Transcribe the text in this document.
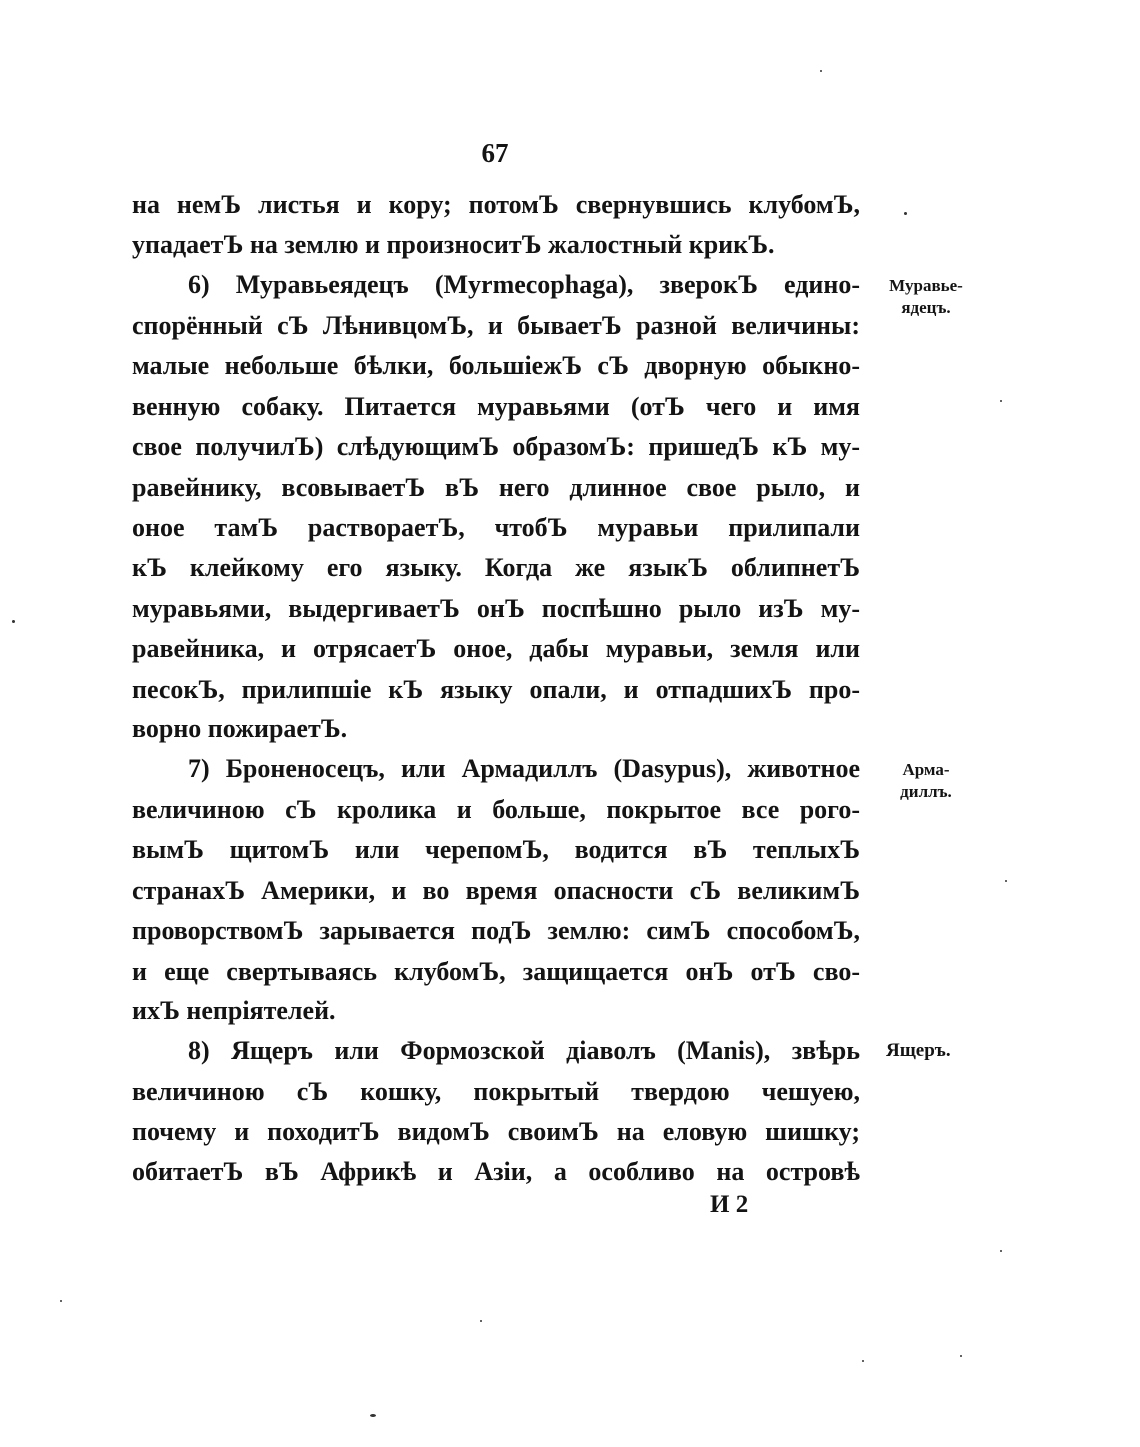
67
на немЪ листья и кору; потомЪ свернувшись клубомЪ,
упадаетЪ на землю и произноситЪ жалостный крикЪ.
6) Муравьеядецъ (Myrmecophaga), зверокЪ едино-
спорённый сЪ ЛѣнивцомЪ, и бываетЪ разной величины:
малые небольше бѣлки, большіежЪ сЪ дворную обыкно-
венную собаку. Питается муравьями (отЪ чего и имя
свое получилЪ) слѣдующимЪ образомЪ: пришедЪ кЪ му-
равейнику, всовываетЪ вЪ него длинное свое рыло, и
оное тамЪ раствораетЪ, чтобЪ муравьи прилипали
кЪ клейкому его языку. Когда же языкЪ облипнетЪ
муравьями, выдергиваетЪ онЪ поспѣшно рыло изЪ му-
равейника, и отрясаетЪ оное, дабы муравьи, земля или
песокЪ, прилипшіе кЪ языку опали, и отпадшихЪ про-
ворно пожираетЪ.
7) Броненосецъ, или Армадиллъ (Dasypus), животное
величиною сЪ кролика и больше, покрытое все рого-
вымЪ щитомЪ или черепомЪ, водится вЪ теплыхЪ
странахЪ Америки, и во время опасности сЪ великимЪ
проворствомЪ зарывается подЪ землю: симЪ способомЪ,
и еще свертываясь клубомЪ, защищается онЪ отЪ сво-
ихЪ непріятелей.
8) Ящеръ или Формозской діаволъ (Manis), звѣрь
величиною сЪ кошку, покрытый твердою чешуею,
почему и походитЪ видомЪ своимЪ на еловую шишку;
обитаетЪ вЪ Африкѣ и Азіи, а особливо на островѣ
Муравье-
ядецъ.
Арма-
диллъ.
Ящеръ.
И 2
